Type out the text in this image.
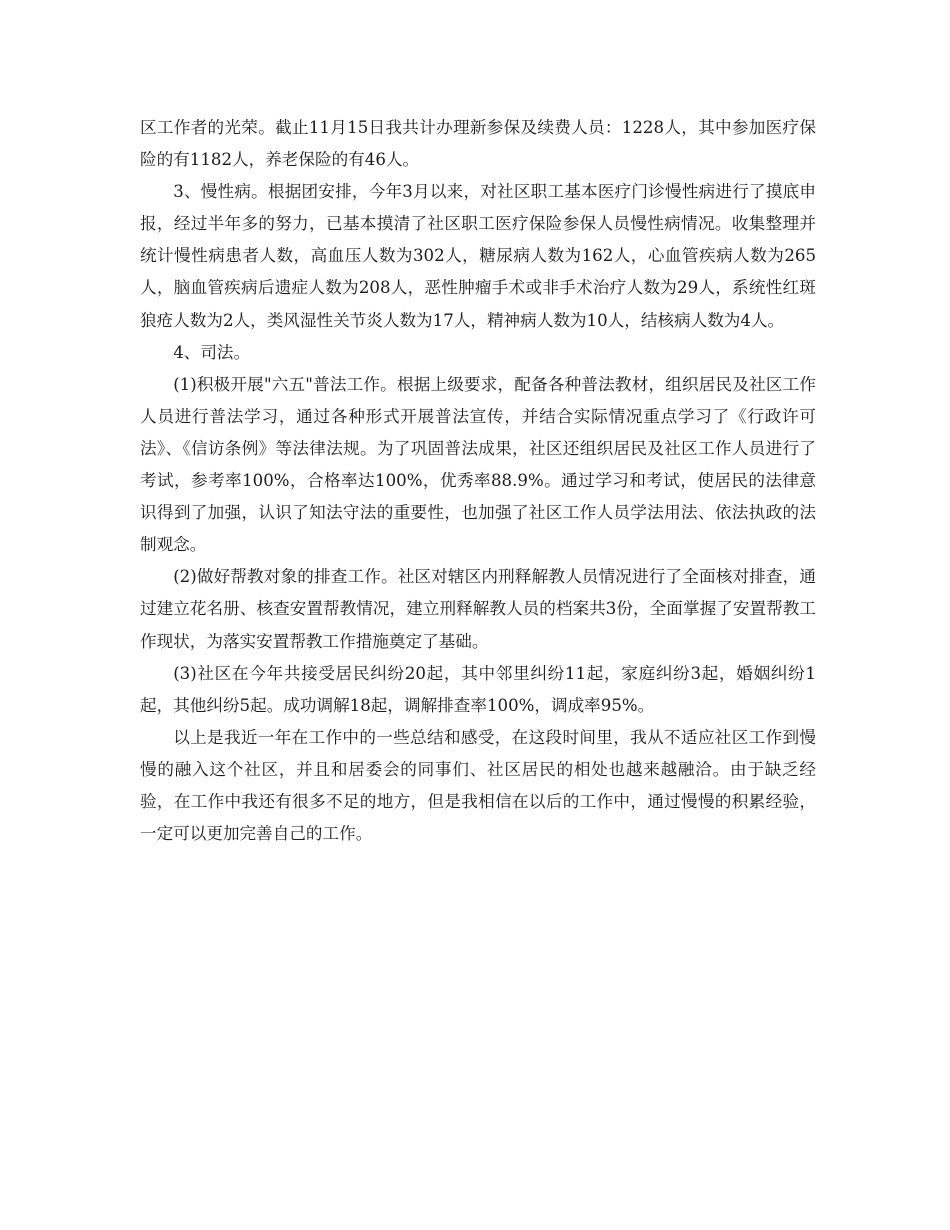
区工作者的光荣。截止11月15日我共计办理新参保及续费人员：1228人，其中参加医疗保险的有1182人，养老保险的有46人。

3、慢性病。根据团安排，今年3月以来，对社区职工基本医疗门诊慢性病进行了摸底申报，经过半年多的努力，已基本摸清了社区职工医疗保险参保人员慢性病情况。收集整理并统计慢性病患者人数，高血压人数为302人，糖尿病人数为162人，心血管疾病人数为265人，脑血管疾病后遗症人数为208人，恶性肿瘤手术或非手术治疗人数为29人，系统性红斑狼疮人数为2人，类风湿性关节炎人数为17人，精神病人数为10人，结核病人数为4人。

4、司法。

(1)积极开展"六五"普法工作。根据上级要求，配备各种普法教材，组织居民及社区工作人员进行普法学习，通过各种形式开展普法宣传，并结合实际情况重点学习了《行政许可法》、《信访条例》等法律法规。为了巩固普法成果，社区还组织居民及社区工作人员进行了考试，参考率100%，合格率达100%，优秀率88.9%。通过学习和考试，使居民的法律意识得到了加强，认识了知法守法的重要性，也加强了社区工作人员学法用法、依法执政的法制观念。

(2)做好帮教对象的排查工作。社区对辖区内刑释解教人员情况进行了全面核对排查，通过建立花名册、核查安置帮教情况，建立刑释解教人员的档案共3份，全面掌握了安置帮教工作现状，为落实安置帮教工作措施奠定了基础。

(3)社区在今年共接受居民纠纷20起，其中邻里纠纷11起，家庭纠纷3起，婚姻纠纷1起，其他纠纷5起。成功调解18起，调解排查率100%，调成率95%。

以上是我近一年在工作中的一些总结和感受，在这段时间里，我从不适应社区工作到慢慢的融入这个社区，并且和居委会的同事们、社区居民的相处也越来越融洽。由于缺乏经验，在工作中我还有很多不足的地方，但是我相信在以后的工作中，通过慢慢的积累经验，一定可以更加完善自己的工作。
